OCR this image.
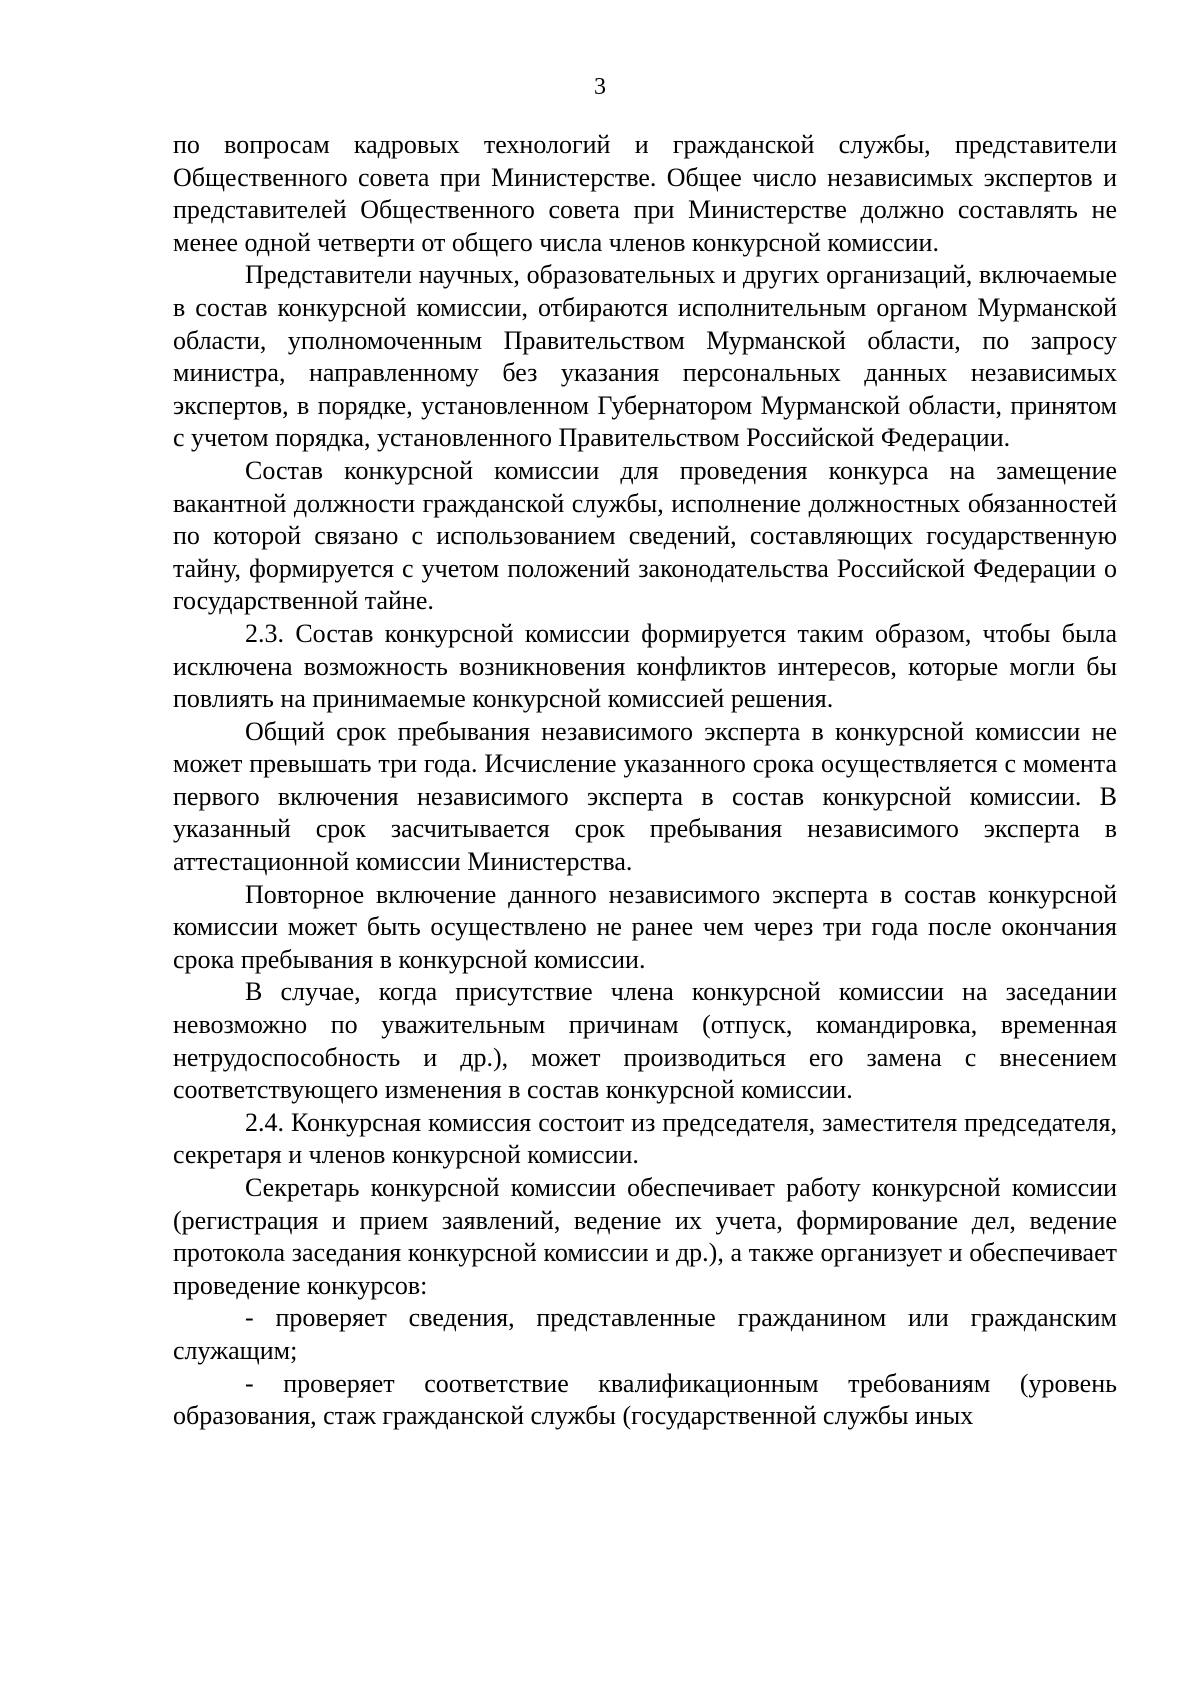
3

по вопросам кадровых технологий и гражданской службы, представители Общественного совета при Министерстве. Общее число независимых экспертов и представителей Общественного совета при Министерстве должно составлять не менее одной четверти от общего числа членов конкурсной комиссии.

Представители научных, образовательных и других организаций, включаемые в состав конкурсной комиссии, отбираются исполнительным органом Мурманской области, уполномоченным Правительством Мурманской области, по запросу министра, направленному без указания персональных данных независимых экспертов, в порядке, установленном Губернатором Мурманской области, принятом с учетом порядка, установленного Правительством Российской Федерации.

Состав конкурсной комиссии для проведения конкурса на замещение вакантной должности гражданской службы, исполнение должностных обязанностей по которой связано с использованием сведений, составляющих государственную тайну, формируется с учетом положений законодательства Российской Федерации о государственной тайне.

2.3. Состав конкурсной комиссии формируется таким образом, чтобы была исключена возможность возникновения конфликтов интересов, которые могли бы повлиять на принимаемые конкурсной комиссией решения.

Общий срок пребывания независимого эксперта в конкурсной комиссии не может превышать три года. Исчисление указанного срока осуществляется с момента первого включения независимого эксперта в состав конкурсной комиссии. В указанный срок засчитывается срок пребывания независимого эксперта в аттестационной комиссии Министерства.

Повторное включение данного независимого эксперта в состав конкурсной комиссии может быть осуществлено не ранее чем через три года после окончания срока пребывания в конкурсной комиссии.

В случае, когда присутствие члена конкурсной комиссии на заседании невозможно по уважительным причинам (отпуск, командировка, временная нетрудоспособность и др.), может производиться его замена с внесением соответствующего изменения в состав конкурсной комиссии.

2.4. Конкурсная комиссия состоит из председателя, заместителя председателя, секретаря и членов конкурсной комиссии.

Секретарь конкурсной комиссии обеспечивает работу конкурсной комиссии (регистрация и прием заявлений, ведение их учета, формирование дел, ведение протокола заседания конкурсной комиссии и др.), а также организует и обеспечивает проведение конкурсов:

- проверяет сведения, представленные гражданином или гражданским служащим;

- проверяет соответствие квалификационным требованиям (уровень образования, стаж гражданской службы (государственной службы иных
